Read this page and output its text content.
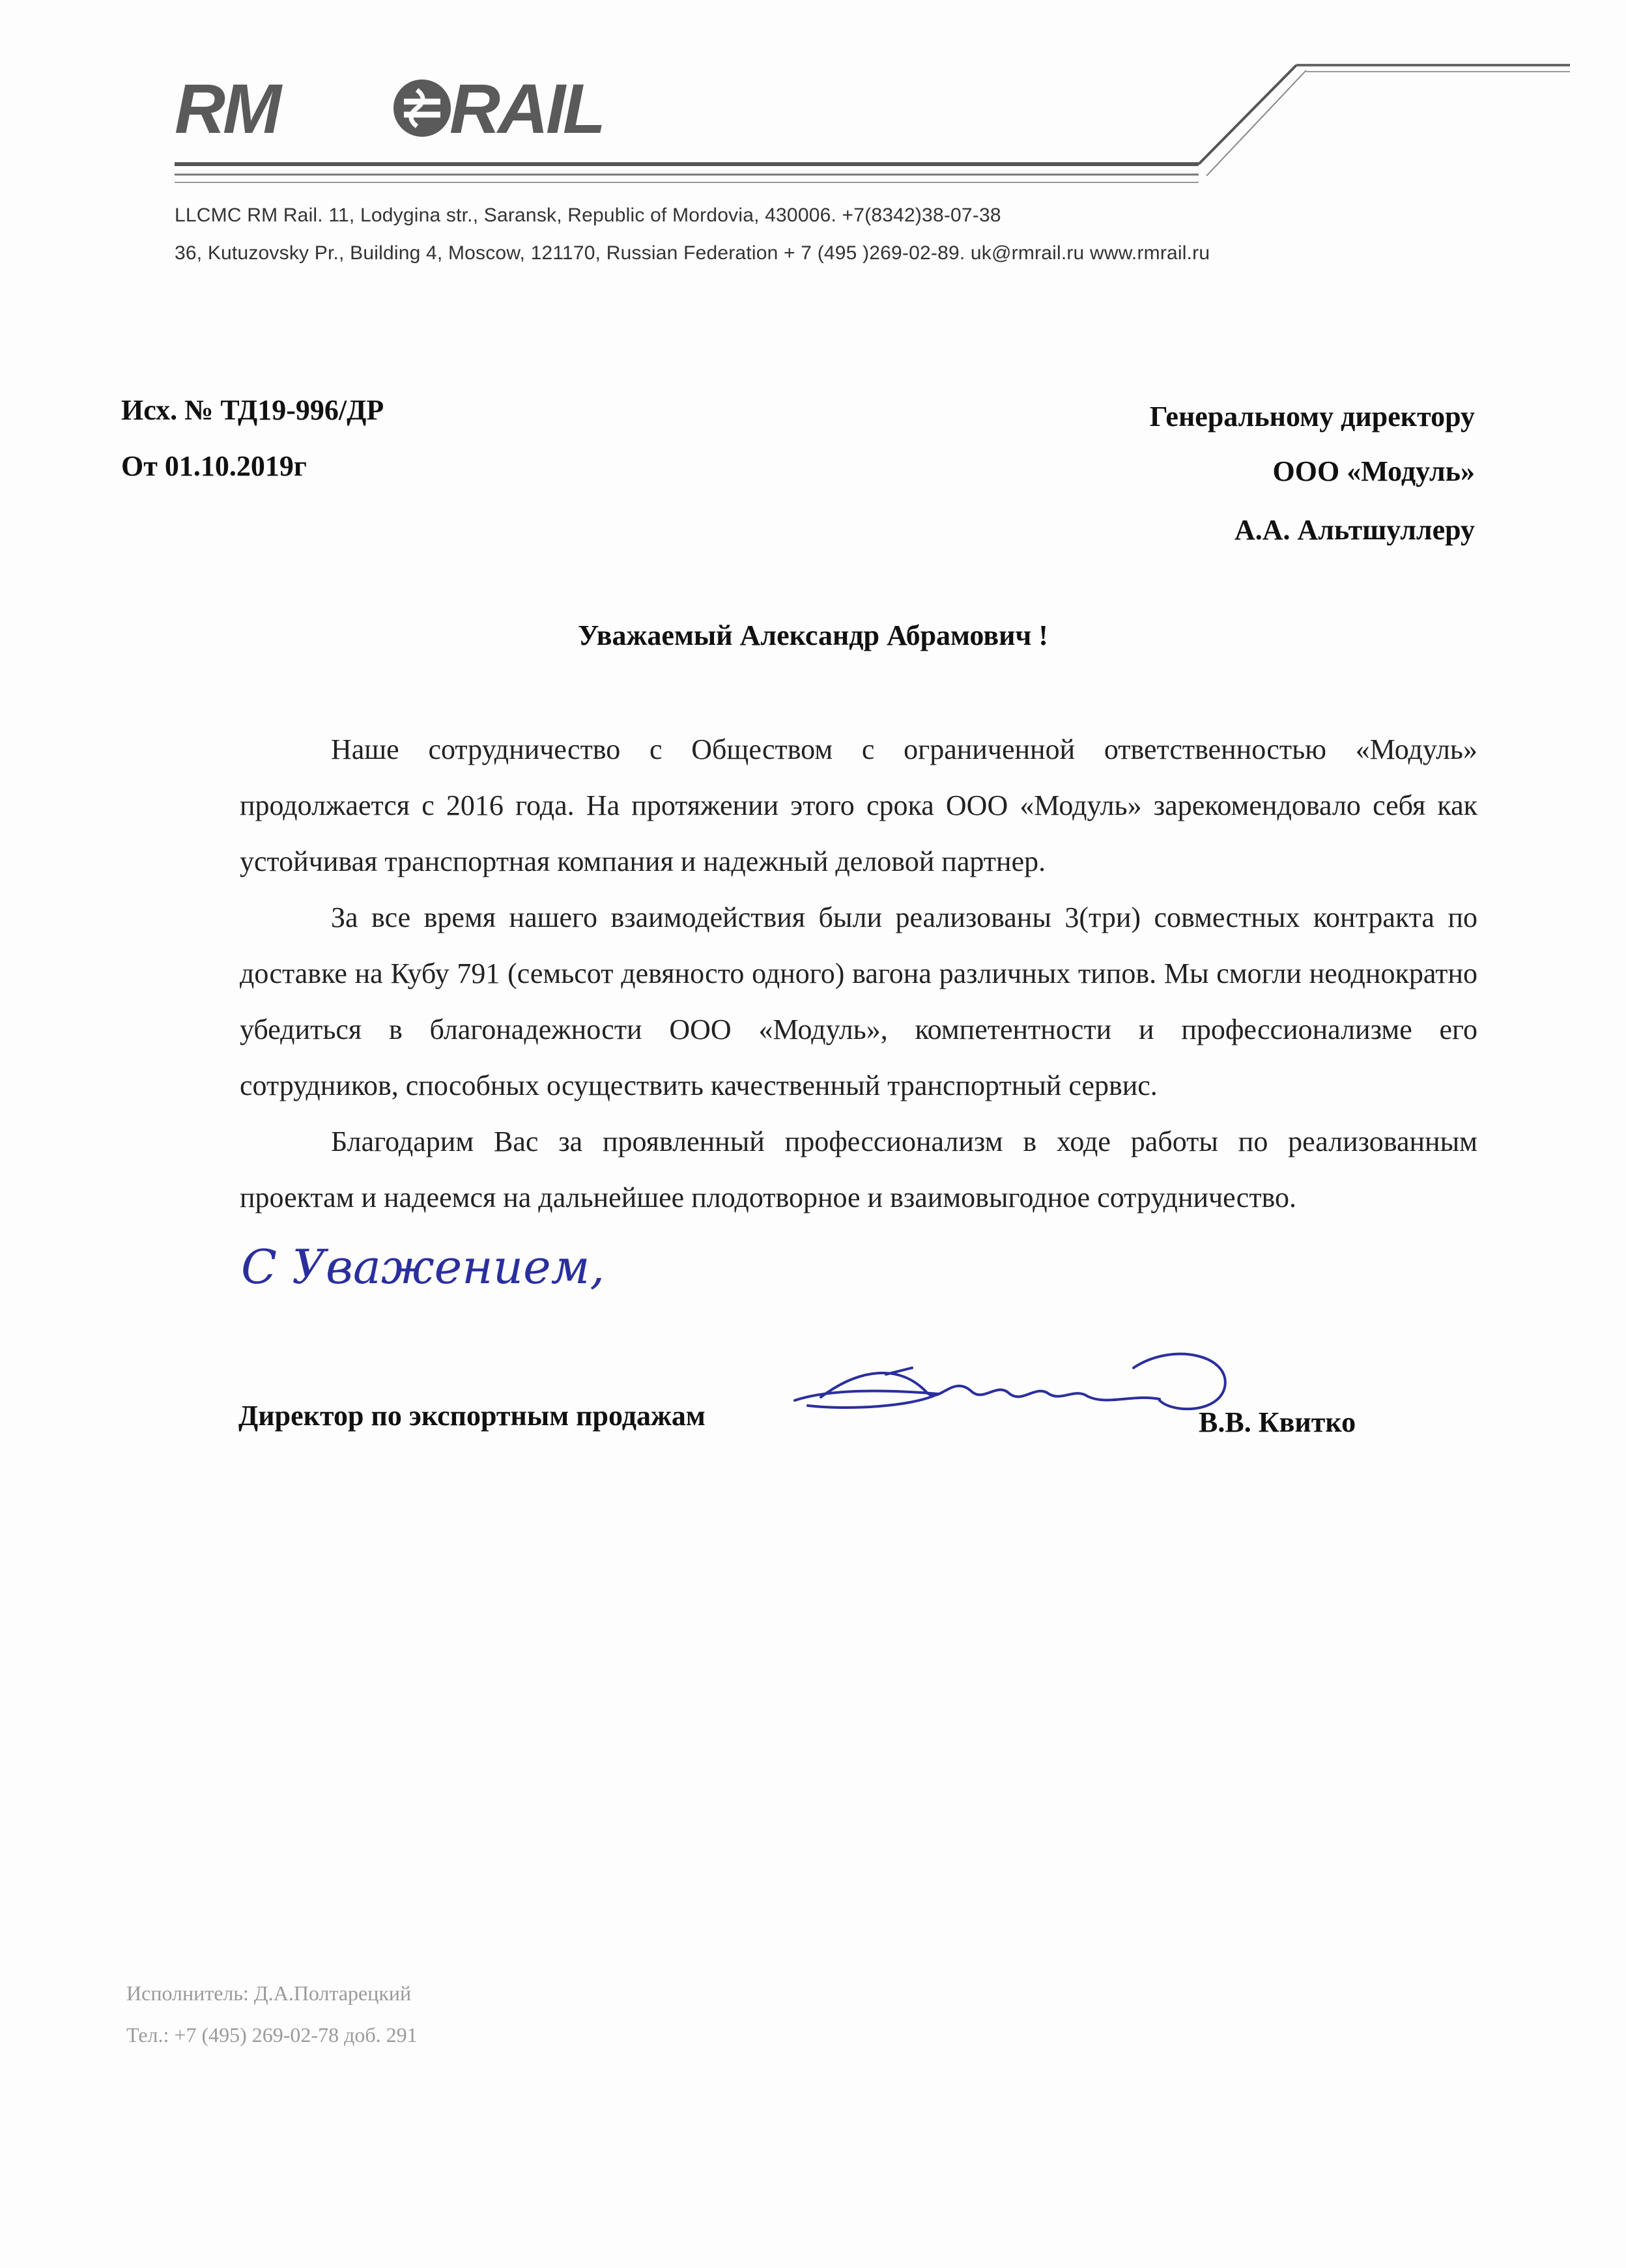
RM RAIL
LLCMC RM Rail. 11, Lodygina str., Saransk, Republic of Mordovia, 430006. +7(8342)38-07-38
36, Kutuzovsky Pr., Building 4, Moscow, 121170, Russian Federation + 7 (495 )269-02-89. uk@rmrail.ru www.rmrail.ru
Исх. № ТД19-996/ДР
От 01.10.2019г
Генеральному директору
ООО «Модуль»
А.А. Альтшуллеру
Уважаемый Александр Абрамович !

Наше сотрудничество с Обществом с ограниченной ответственностью «Модуль» продолжается с 2016 года. На протяжении этого срока ООО «Модуль» зарекомендовало себя как устойчивая транспортная компания и надежный деловой партнер.

За все время нашего взаимодействия были реализованы 3(три) совместных контракта по доставке на Кубу 791 (семьсот девяносто одного) вагона различных типов. Мы смогли неоднократно убедиться в благонадежности ООО «Модуль», компетентности и профессионализме его сотрудников, способных осуществить качественный транспортный сервис.

Благодарим Вас за проявленный профессионализм в ходе работы по реализованным проектам и надеемся на дальнейшее плодотворное и взаимовыгодное сотрудничество.

С Уважением,
Директор по экспортным продажам	В.В. Квитко
Исполнитель: Д.А.Полтарецкий
Тел.: +7 (495) 269-02-78 доб. 291
